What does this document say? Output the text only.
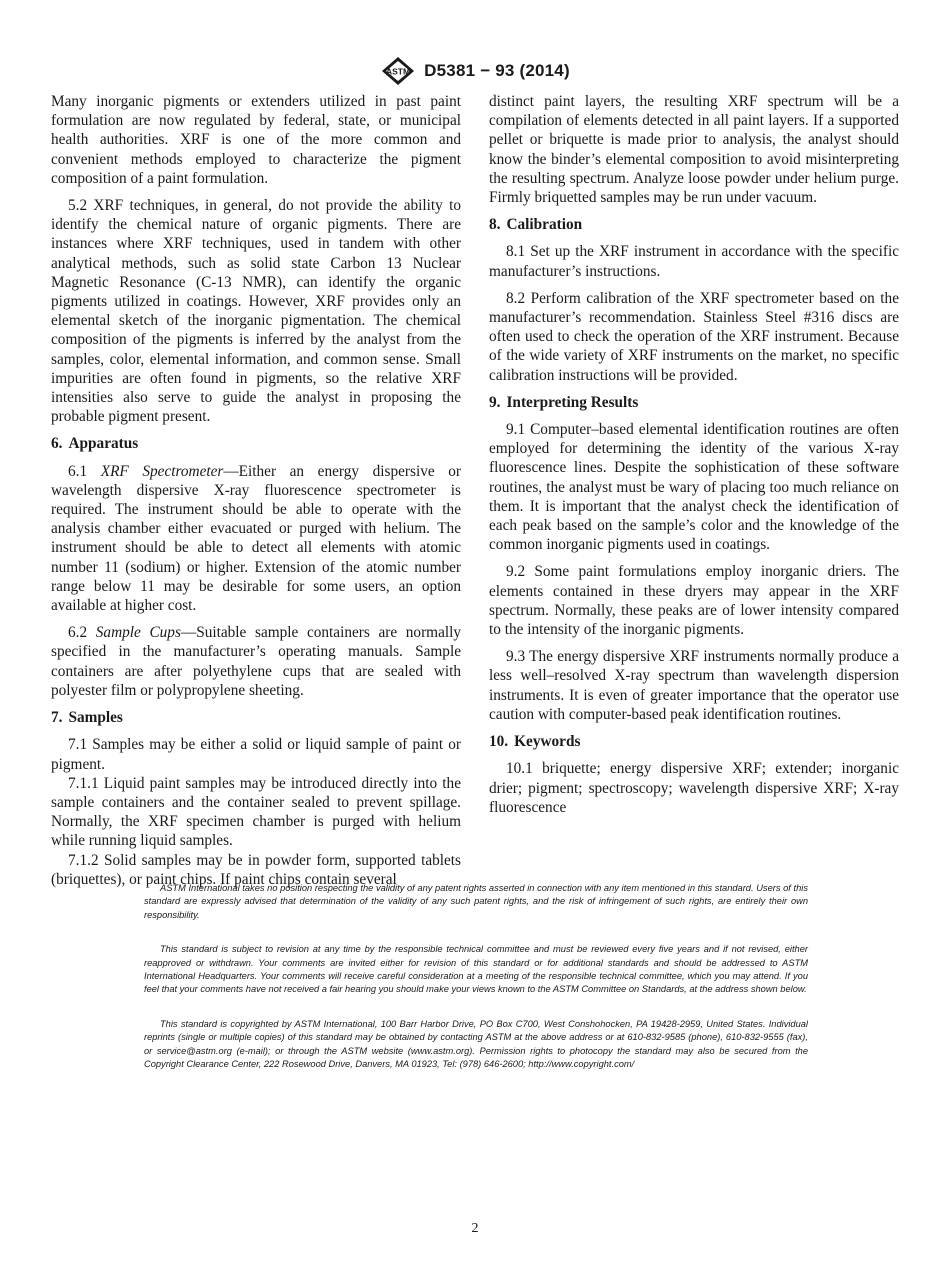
ASTM D5381 − 93 (2014)

Many inorganic pigments or extenders utilized in past paint formulation are now regulated by federal, state, or municipal health authorities. XRF is one of the more common and convenient methods employed to characterize the pigment composition of a paint formulation.

5.2 XRF techniques, in general, do not provide the ability to identify the chemical nature of organic pigments. There are instances where XRF techniques, used in tandem with other analytical methods, such as solid state Carbon 13 Nuclear Magnetic Resonance (C-13 NMR), can identify the organic pigments utilized in coatings. However, XRF provides only an elemental sketch of the inorganic pigmentation. The chemical composition of the pigments is inferred by the analyst from the samples, color, elemental information, and common sense. Small impurities are often found in pigments, so the relative XRF intensities also serve to guide the analyst in proposing the probable pigment present.

6. Apparatus

6.1 XRF Spectrometer—Either an energy dispersive or wavelength dispersive X-ray fluorescence spectrometer is required. The instrument should be able to operate with the analysis chamber either evacuated or purged with helium. The instrument should be able to detect all elements with atomic number 11 (sodium) or higher. Extension of the atomic number range below 11 may be desirable for some users, an option available at higher cost.

6.2 Sample Cups—Suitable sample containers are normally specified in the manufacturer’s operating manuals. Sample containers are after polyethylene cups that are sealed with polyester film or polypropylene sheeting.

7. Samples

7.1 Samples may be either a solid or liquid sample of paint or pigment.

7.1.1 Liquid paint samples may be introduced directly into the sample containers and the container sealed to prevent spillage. Normally, the XRF specimen chamber is purged with helium while running liquid samples.

7.1.2 Solid samples may be in powder form, supported tablets (briquettes), or paint chips. If paint chips contain several

distinct paint layers, the resulting XRF spectrum will be a compilation of elements detected in all paint layers. If a supported pellet or briquette is made prior to analysis, the analyst should know the binder’s elemental composition to avoid misinterpreting the resulting spectrum. Analyze loose powder under helium purge. Firmly briquetted samples may be run under vacuum.

8. Calibration

8.1 Set up the XRF instrument in accordance with the specific manufacturer’s instructions.

8.2 Perform calibration of the XRF spectrometer based on the manufacturer’s recommendation. Stainless Steel #316 discs are often used to check the operation of the XRF instrument. Because of the wide variety of XRF instruments on the market, no specific calibration instructions will be provided.

9. Interpreting Results

9.1 Computer–based elemental identification routines are often employed for determining the identity of the various X-ray fluorescence lines. Despite the sophistication of these software routines, the analyst must be wary of placing too much reliance on them. It is important that the analyst check the identification of each peak based on the sample’s color and the knowledge of the common inorganic pigments used in coatings.

9.2 Some paint formulations employ inorganic driers. The elements contained in these dryers may appear in the XRF spectrum. Normally, these peaks are of lower intensity compared to the intensity of the inorganic pigments.

9.3 The energy dispersive XRF instruments normally produce a less well–resolved X-ray spectrum than wavelength dispersion instruments. It is even of greater importance that the operator use caution with computer-based peak identification routines.

10. Keywords

10.1 briquette; energy dispersive XRF; extender; inorganic drier; pigment; spectroscopy; wavelength dispersive XRF; X-ray fluorescence

ASTM International takes no position respecting the validity of any patent rights asserted in connection with any item mentioned in this standard. Users of this standard are expressly advised that determination of the validity of any such patent rights, and the risk of infringement of such rights, are entirely their own responsibility.

This standard is subject to revision at any time by the responsible technical committee and must be reviewed every five years and if not revised, either reapproved or withdrawn. Your comments are invited either for revision of this standard or for additional standards and should be addressed to ASTM International Headquarters. Your comments will receive careful consideration at a meeting of the responsible technical committee, which you may attend. If you feel that your comments have not received a fair hearing you should make your views known to the ASTM Committee on Standards, at the address shown below.

This standard is copyrighted by ASTM International, 100 Barr Harbor Drive, PO Box C700, West Conshohocken, PA 19428-2959, United States. Individual reprints (single or multiple copies) of this standard may be obtained by contacting ASTM at the above address or at 610-832-9585 (phone), 610-832-9555 (fax), or service@astm.org (e-mail); or through the ASTM website (www.astm.org). Permission rights to photocopy the standard may also be secured from the Copyright Clearance Center, 222 Rosewood Drive, Danvers, MA 01923, Tel: (978) 646-2600; http://www.copyright.com/

2
